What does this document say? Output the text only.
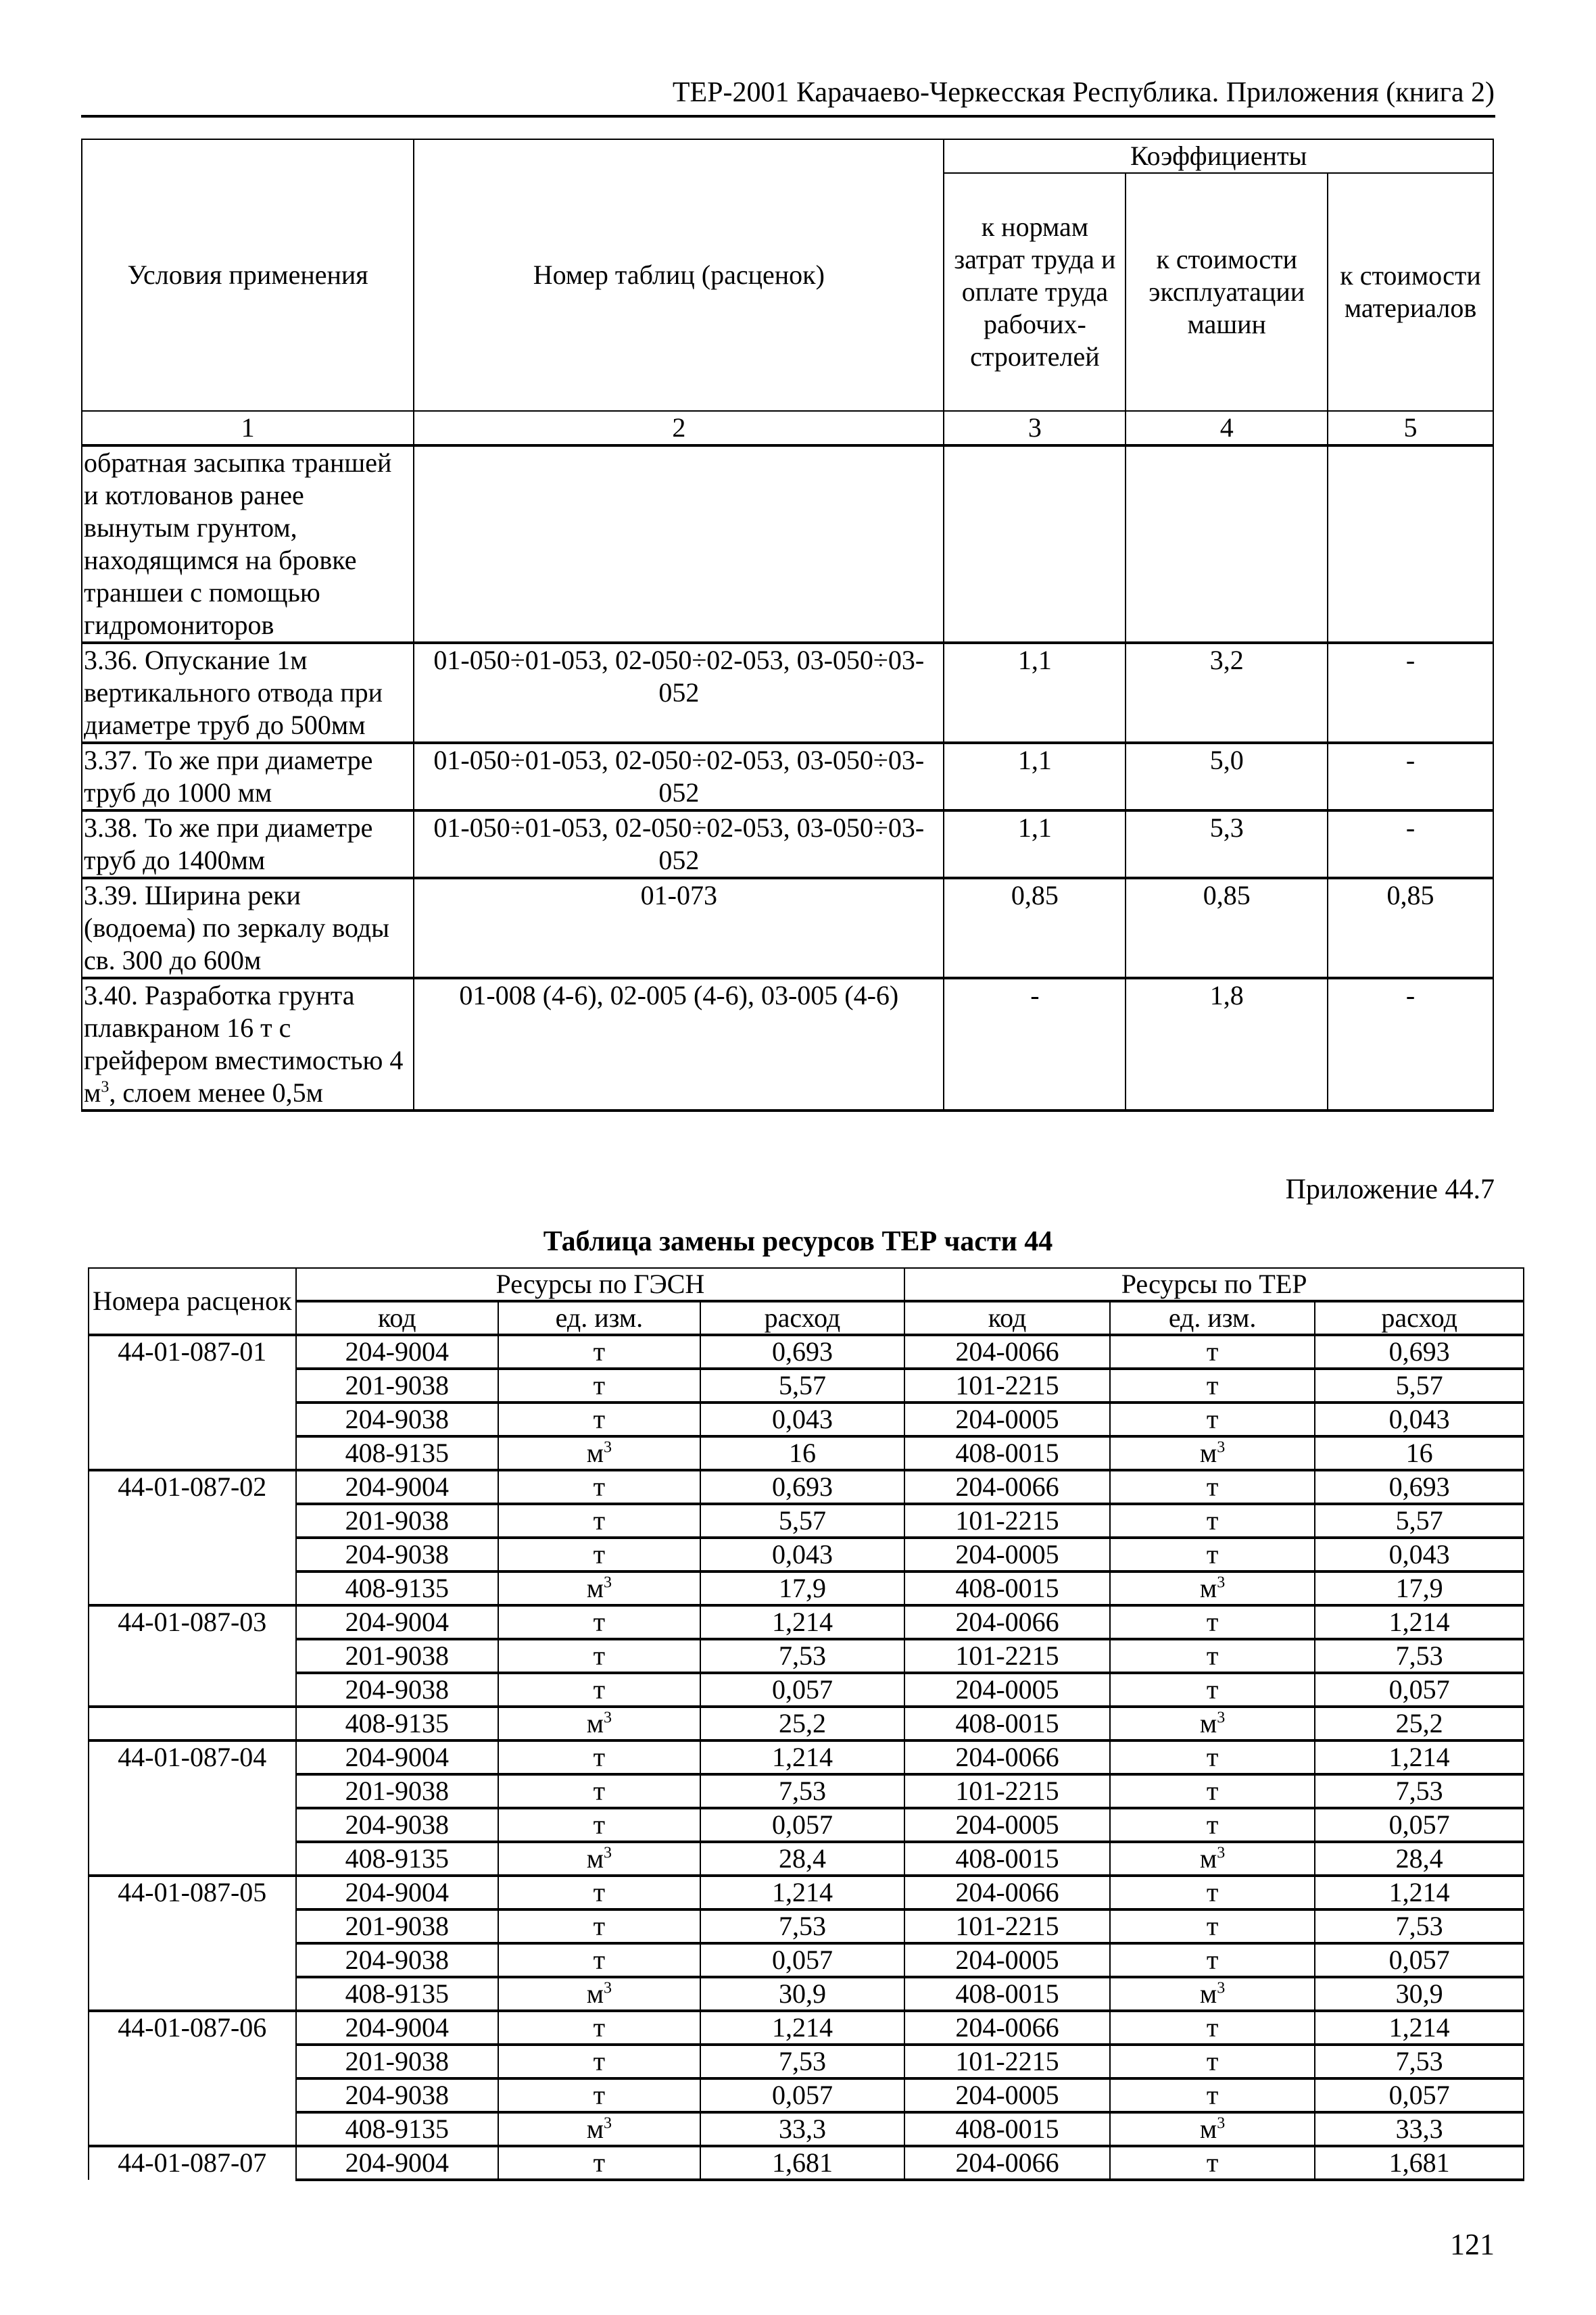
ТЕР-2001 Карачаево-Черкесская Республика. Приложения (книга 2)
Условия применения	Номер таблиц (расценок)	Коэффициенты		
		к нормам затрат труда и оплате труда рабочих-строителей	к стоимости эксплуатации машин	к стоимости материалов
1	2	3	4	5
обратная засыпка траншей и котлованов ранее вынутым грунтом, находящимся на бровке траншеи с помощью гидромониторов				
3.36. Опускание 1м вертикального отвода при диаметре труб до 500мм	01-050÷01-053, 02-050÷02-053, 03-050÷03-052	1,1	3,2	-
3.37. То же при диаметре труб до 1000 мм	01-050÷01-053, 02-050÷02-053, 03-050÷03-052	1,1	5,0	-
3.38. То же при диаметре труб до 1400мм	01-050÷01-053, 02-050÷02-053, 03-050÷03-052	1,1	5,3	-
3.39. Ширина реки (водоема) по зеркалу воды св. 300 до 600м	01-073	0,85	0,85	0,85
3.40. Разработка грунта плавкраном 16 т с грейфером вместимостью 4 $м^3$, слоем менее 0,5м	01-008 (4-6), 02-005 (4-6), 03-005 (4-6)	-	1,8	-
Приложение 44.7
Таблица замены ресурсов ТЕР части 44
Номера расценок	Ресурсы по ГЭСН			Ресурсы по ТЕР		
	код	ед. изм.	расход	код	ед. изм.	расход
44-01-087-01	204-9004	т	0,693	204-0066	т	0,693
	201-9038	т	5,57	101-2215	т	5,57
	204-9038	т	0,043	204-0005	т	0,043
	408-9135	$м^3$	16	408-0015	$м^3$	16
44-01-087-02	204-9004	т	0,693	204-0066	т	0,693
	201-9038	т	5,57	101-2215	т	5,57
	204-9038	т	0,043	204-0005	т	0,043
	408-9135	$м^3$	17,9	408-0015	$м^3$	17,9
44-01-087-03	204-9004	т	1,214	204-0066	т	1,214
	201-9038	т	7,53	101-2215	т	7,53
	204-9038	т	0,057	204-0005	т	0,057
	408-9135	$м^3$	25,2	408-0015	$м^3$	25,2
44-01-087-04	204-9004	т	1,214	204-0066	т	1,214
	201-9038	т	7,53	101-2215	т	7,53
	204-9038	т	0,057	204-0005	т	0,057
	408-9135	$м^3$	28,4	408-0015	$м^3$	28,4
44-01-087-05	204-9004	т	1,214	204-0066	т	1,214
	201-9038	т	7,53	101-2215	т	7,53
	204-9038	т	0,057	204-0005	т	0,057
	408-9135	$м^3$	30,9	408-0015	$м^3$	30,9
44-01-087-06	204-9004	т	1,214	204-0066	т	1,214
	201-9038	т	7,53	101-2215	т	7,53
	204-9038	т	0,057	204-0005	т	0,057
	408-9135	$м^3$	33,3	408-0015	$м^3$	33,3
44-01-087-07	204-9004	т	1,681	204-0066	т	1,681
121
